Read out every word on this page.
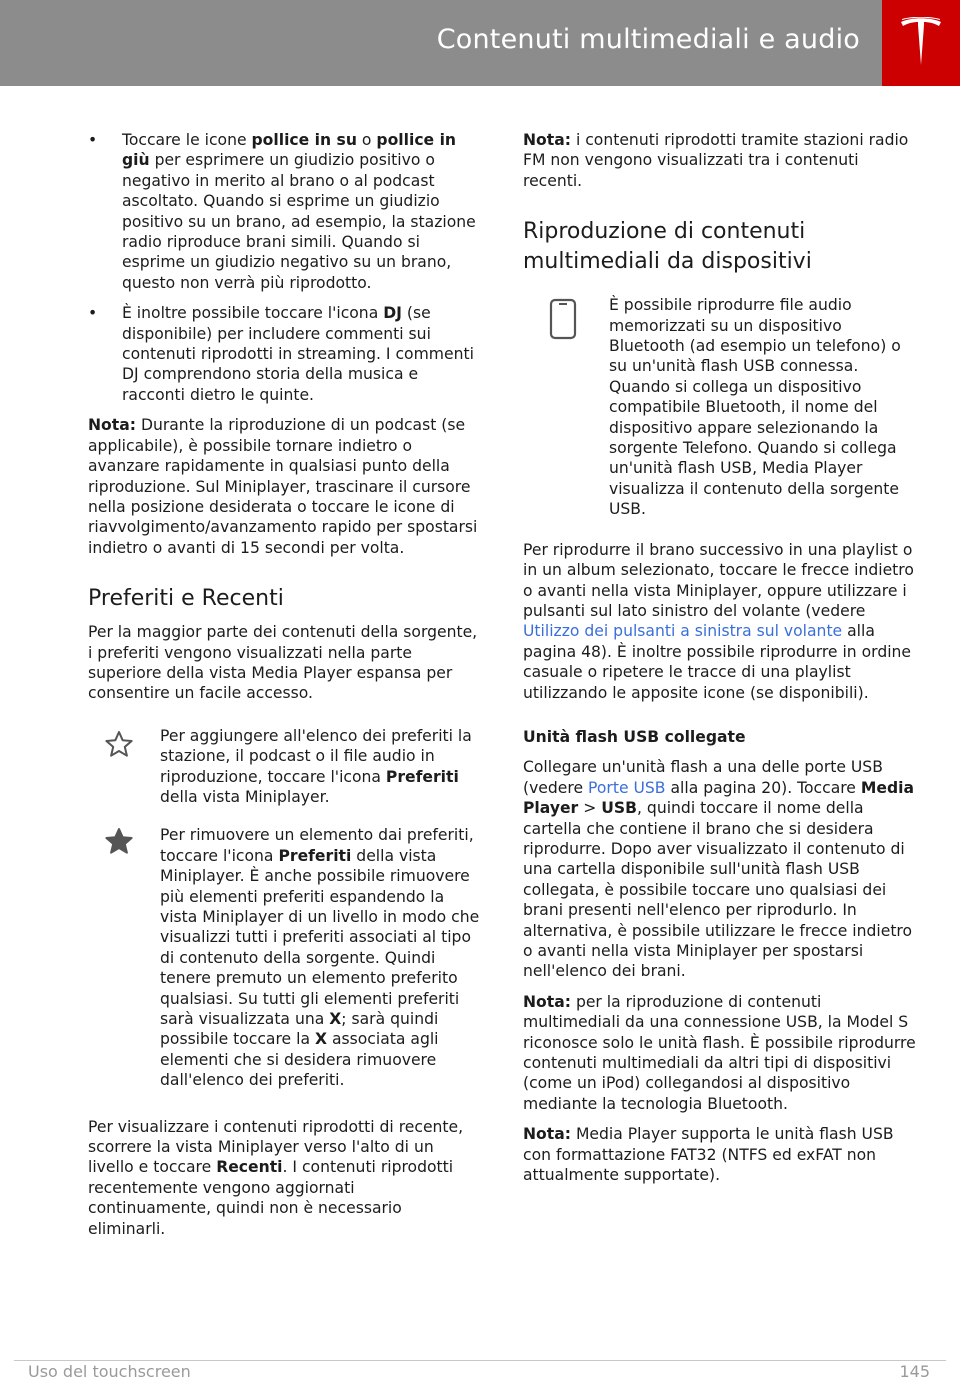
Contenuti multimediali e audio
• Toccare le icone pollice in su o pollice in giù per esprimere un giudizio positivo o negativo in merito al brano o al podcast ascoltato. Quando si esprime un giudizio positivo su un brano, ad esempio, la stazione radio riproduce brani simili. Quando si esprime un giudizio negativo su un brano, questo non verrà più riprodotto.
• È inoltre possibile toccare l'icona DJ (se disponibile) per includere commenti sui contenuti riprodotti in streaming. I commenti DJ comprendono storia della musica e racconti dietro le quinte.

Nota: Durante la riproduzione di un podcast (se applicabile), è possibile tornare indietro o avanzare rapidamente in qualsiasi punto della riproduzione. Sul Miniplayer, trascinare il cursore nella posizione desiderata o toccare le icone di riavvolgimento/avanzamento rapido per spostarsi indietro o avanti di 15 secondi per volta.

Preferiti e Recenti

Per la maggior parte dei contenuti della sorgente, i preferiti vengono visualizzati nella parte superiore della vista Media Player espansa per consentire un facile accesso.

Per aggiungere all'elenco dei preferiti la stazione, il podcast o il file audio in riproduzione, toccare l'icona Preferiti della vista Miniplayer.
Per rimuovere un elemento dai preferiti, toccare l'icona Preferiti della vista Miniplayer. È anche possibile rimuovere più elementi preferiti espandendo la vista Miniplayer di un livello in modo che visualizzi tutti i preferiti associati al tipo di contenuto della sorgente. Quindi tenere premuto un elemento preferito qualsiasi. Su tutti gli elementi preferiti sarà visualizzata una X; sarà quindi possibile toccare la X associata agli elementi che si desidera rimuovere dall'elenco dei preferiti.

Per visualizzare i contenuti riprodotti di recente, scorrere la vista Miniplayer verso l'alto di un livello e toccare Recenti. I contenuti riprodotti recentemente vengono aggiornati continuamente, quindi non è necessario eliminarli.

Nota: i contenuti riprodotti tramite stazioni radio FM non vengono visualizzati tra i contenuti recenti.

Riproduzione di contenuti multimediali da dispositivi
È possibile riprodurre file audio memorizzati su un dispositivo Bluetooth (ad esempio un telefono) o su un'unità flash USB connessa. Quando si collega un dispositivo compatibile Bluetooth, il nome del dispositivo appare selezionando la sorgente Telefono. Quando si collega un'unità flash USB, Media Player visualizza il contenuto della sorgente USB.

Per riprodurre il brano successivo in una playlist o in un album selezionato, toccare le frecce indietro o avanti nella vista Miniplayer, oppure utilizzare i pulsanti sul lato sinistro del volante (vedere Utilizzo dei pulsanti a sinistra sul volante alla pagina 48). È inoltre possibile riprodurre in ordine casuale o ripetere le tracce di una playlist utilizzando le apposite icone (se disponibili).

Unità flash USB collegate

Collegare un'unità flash a una delle porte USB (vedere Porte USB alla pagina 20). Toccare Media Player > USB, quindi toccare il nome della cartella che contiene il brano che si desidera riprodurre. Dopo aver visualizzato il contenuto di una cartella disponibile sull'unità flash USB collegata, è possibile toccare uno qualsiasi dei brani presenti nell'elenco per riprodurlo. In alternativa, è possibile utilizzare le frecce indietro o avanti nella vista Miniplayer per spostarsi nell'elenco dei brani.

Nota: per la riproduzione di contenuti multimediali da una connessione USB, la Model S riconosce solo le unità flash. È possibile riprodurre contenuti multimediali da altri tipi di dispositivi (come un iPod) collegandosi al dispositivo mediante la tecnologia Bluetooth.

Nota: Media Player supporta le unità flash USB con formattazione FAT32 (NTFS ed exFAT non attualmente supportate).

Uso del touchscreen	145
